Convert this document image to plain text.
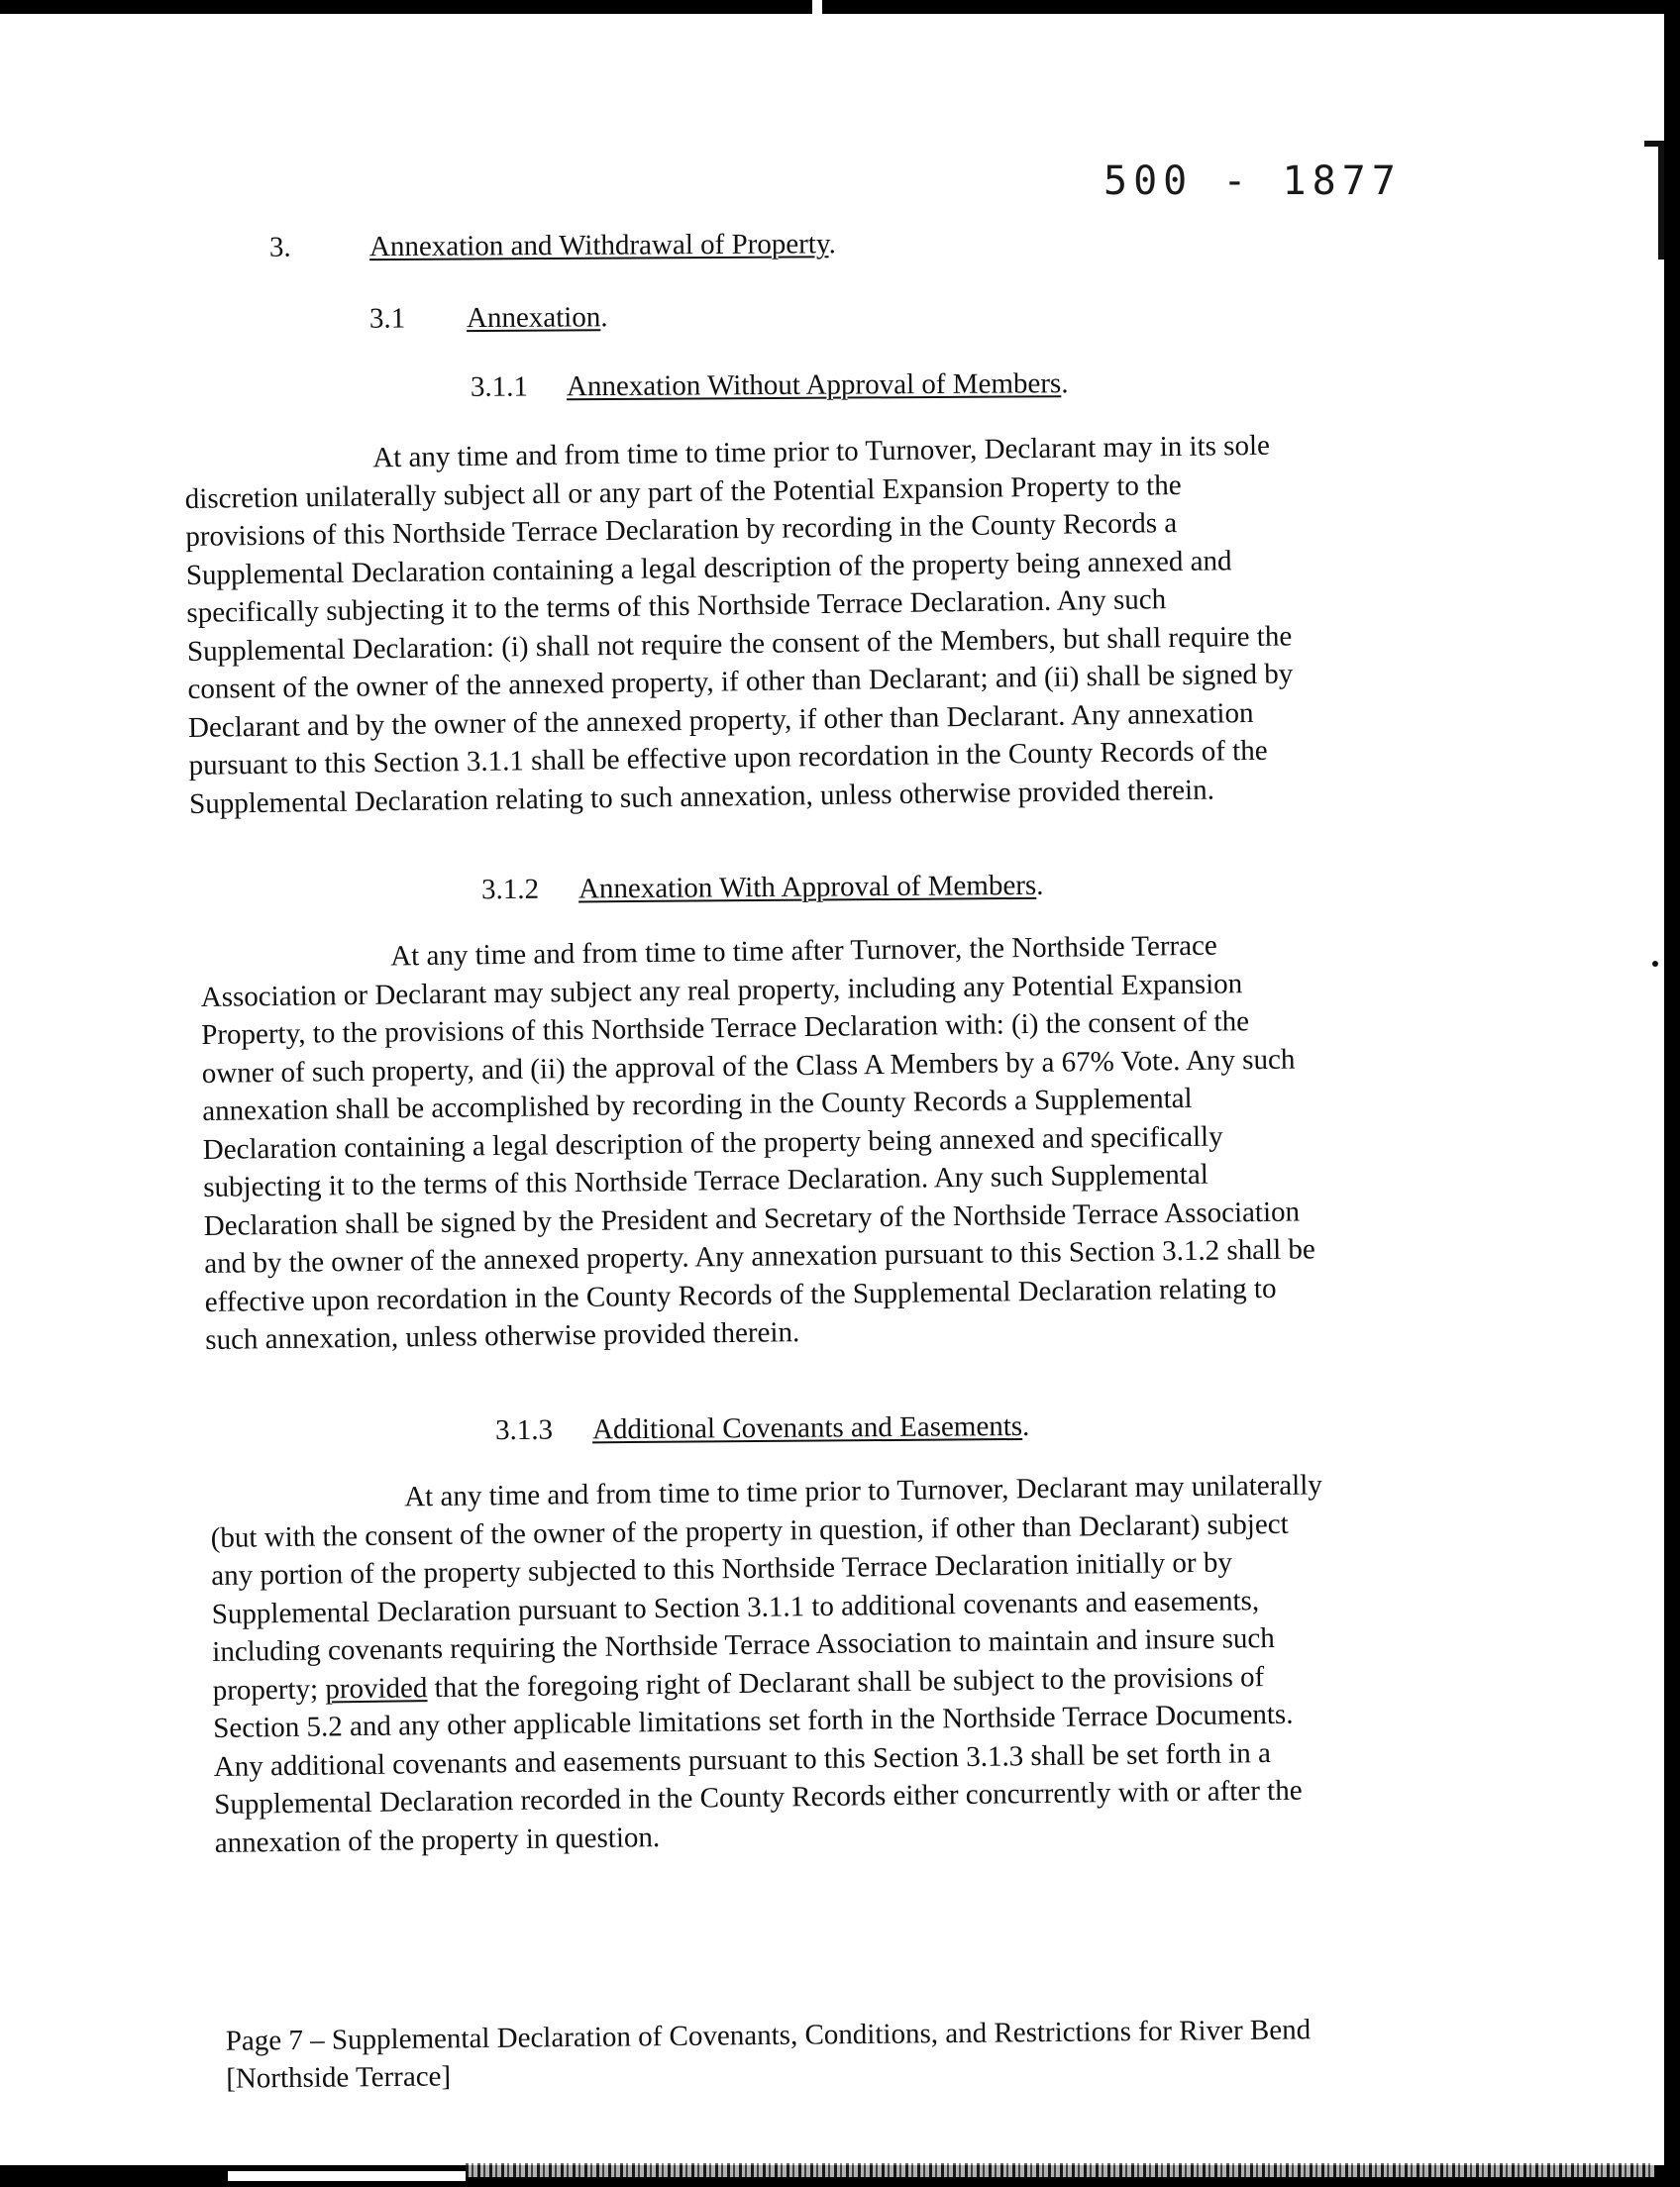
500 - 1877
3.	Annexation and Withdrawal of Property.
3.1 Annexation.
3.1.1 Annexation Without Approval of Members.
At any time and from time to time prior to Turnover, Declarant may in its sole
discretion unilaterally subject all or any part of the Potential Expansion Property to the
provisions of this Northside Terrace Declaration by recording in the County Records a
Supplemental Declaration containing a legal description of the property being annexed and
specifically subjecting it to the terms of this Northside Terrace Declaration. Any such
Supplemental Declaration: (i) shall not require the consent of the Members, but shall require the
consent of the owner of the annexed property, if other than Declarant; and (ii) shall be signed by
Declarant and by the owner of the annexed property, if other than Declarant. Any annexation
pursuant to this Section 3.1.1 shall be effective upon recordation in the County Records of the
Supplemental Declaration relating to such annexation, unless otherwise provided therein.
3.1.2 Annexation With Approval of Members.
At any time and from time to time after Turnover, the Northside Terrace
Association or Declarant may subject any real property, including any Potential Expansion
Property, to the provisions of this Northside Terrace Declaration with: (i) the consent of the
owner of such property, and (ii) the approval of the Class A Members by a 67% Vote. Any such
annexation shall be accomplished by recording in the County Records a Supplemental
Declaration containing a legal description of the property being annexed and specifically
subjecting it to the terms of this Northside Terrace Declaration. Any such Supplemental
Declaration shall be signed by the President and Secretary of the Northside Terrace Association
and by the owner of the annexed property. Any annexation pursuant to this Section 3.1.2 shall be
effective upon recordation in the County Records of the Supplemental Declaration relating to
such annexation, unless otherwise provided therein.
3.1.3 Additional Covenants and Easements.
At any time and from time to time prior to Turnover, Declarant may unilaterally
(but with the consent of the owner of the property in question, if other than Declarant) subject
any portion of the property subjected to this Northside Terrace Declaration initially or by
Supplemental Declaration pursuant to Section 3.1.1 to additional covenants and easements,
including covenants requiring the Northside Terrace Association to maintain and insure such
property; provided that the foregoing right of Declarant shall be subject to the provisions of
Section 5.2 and any other applicable limitations set forth in the Northside Terrace Documents.
Any additional covenants and easements pursuant to this Section 3.1.3 shall be set forth in a
Supplemental Declaration recorded in the County Records either concurrently with or after the
annexation of the property in question.
Page 7 – Supplemental Declaration of Covenants, Conditions, and Restrictions for River Bend
[Northside Terrace]
